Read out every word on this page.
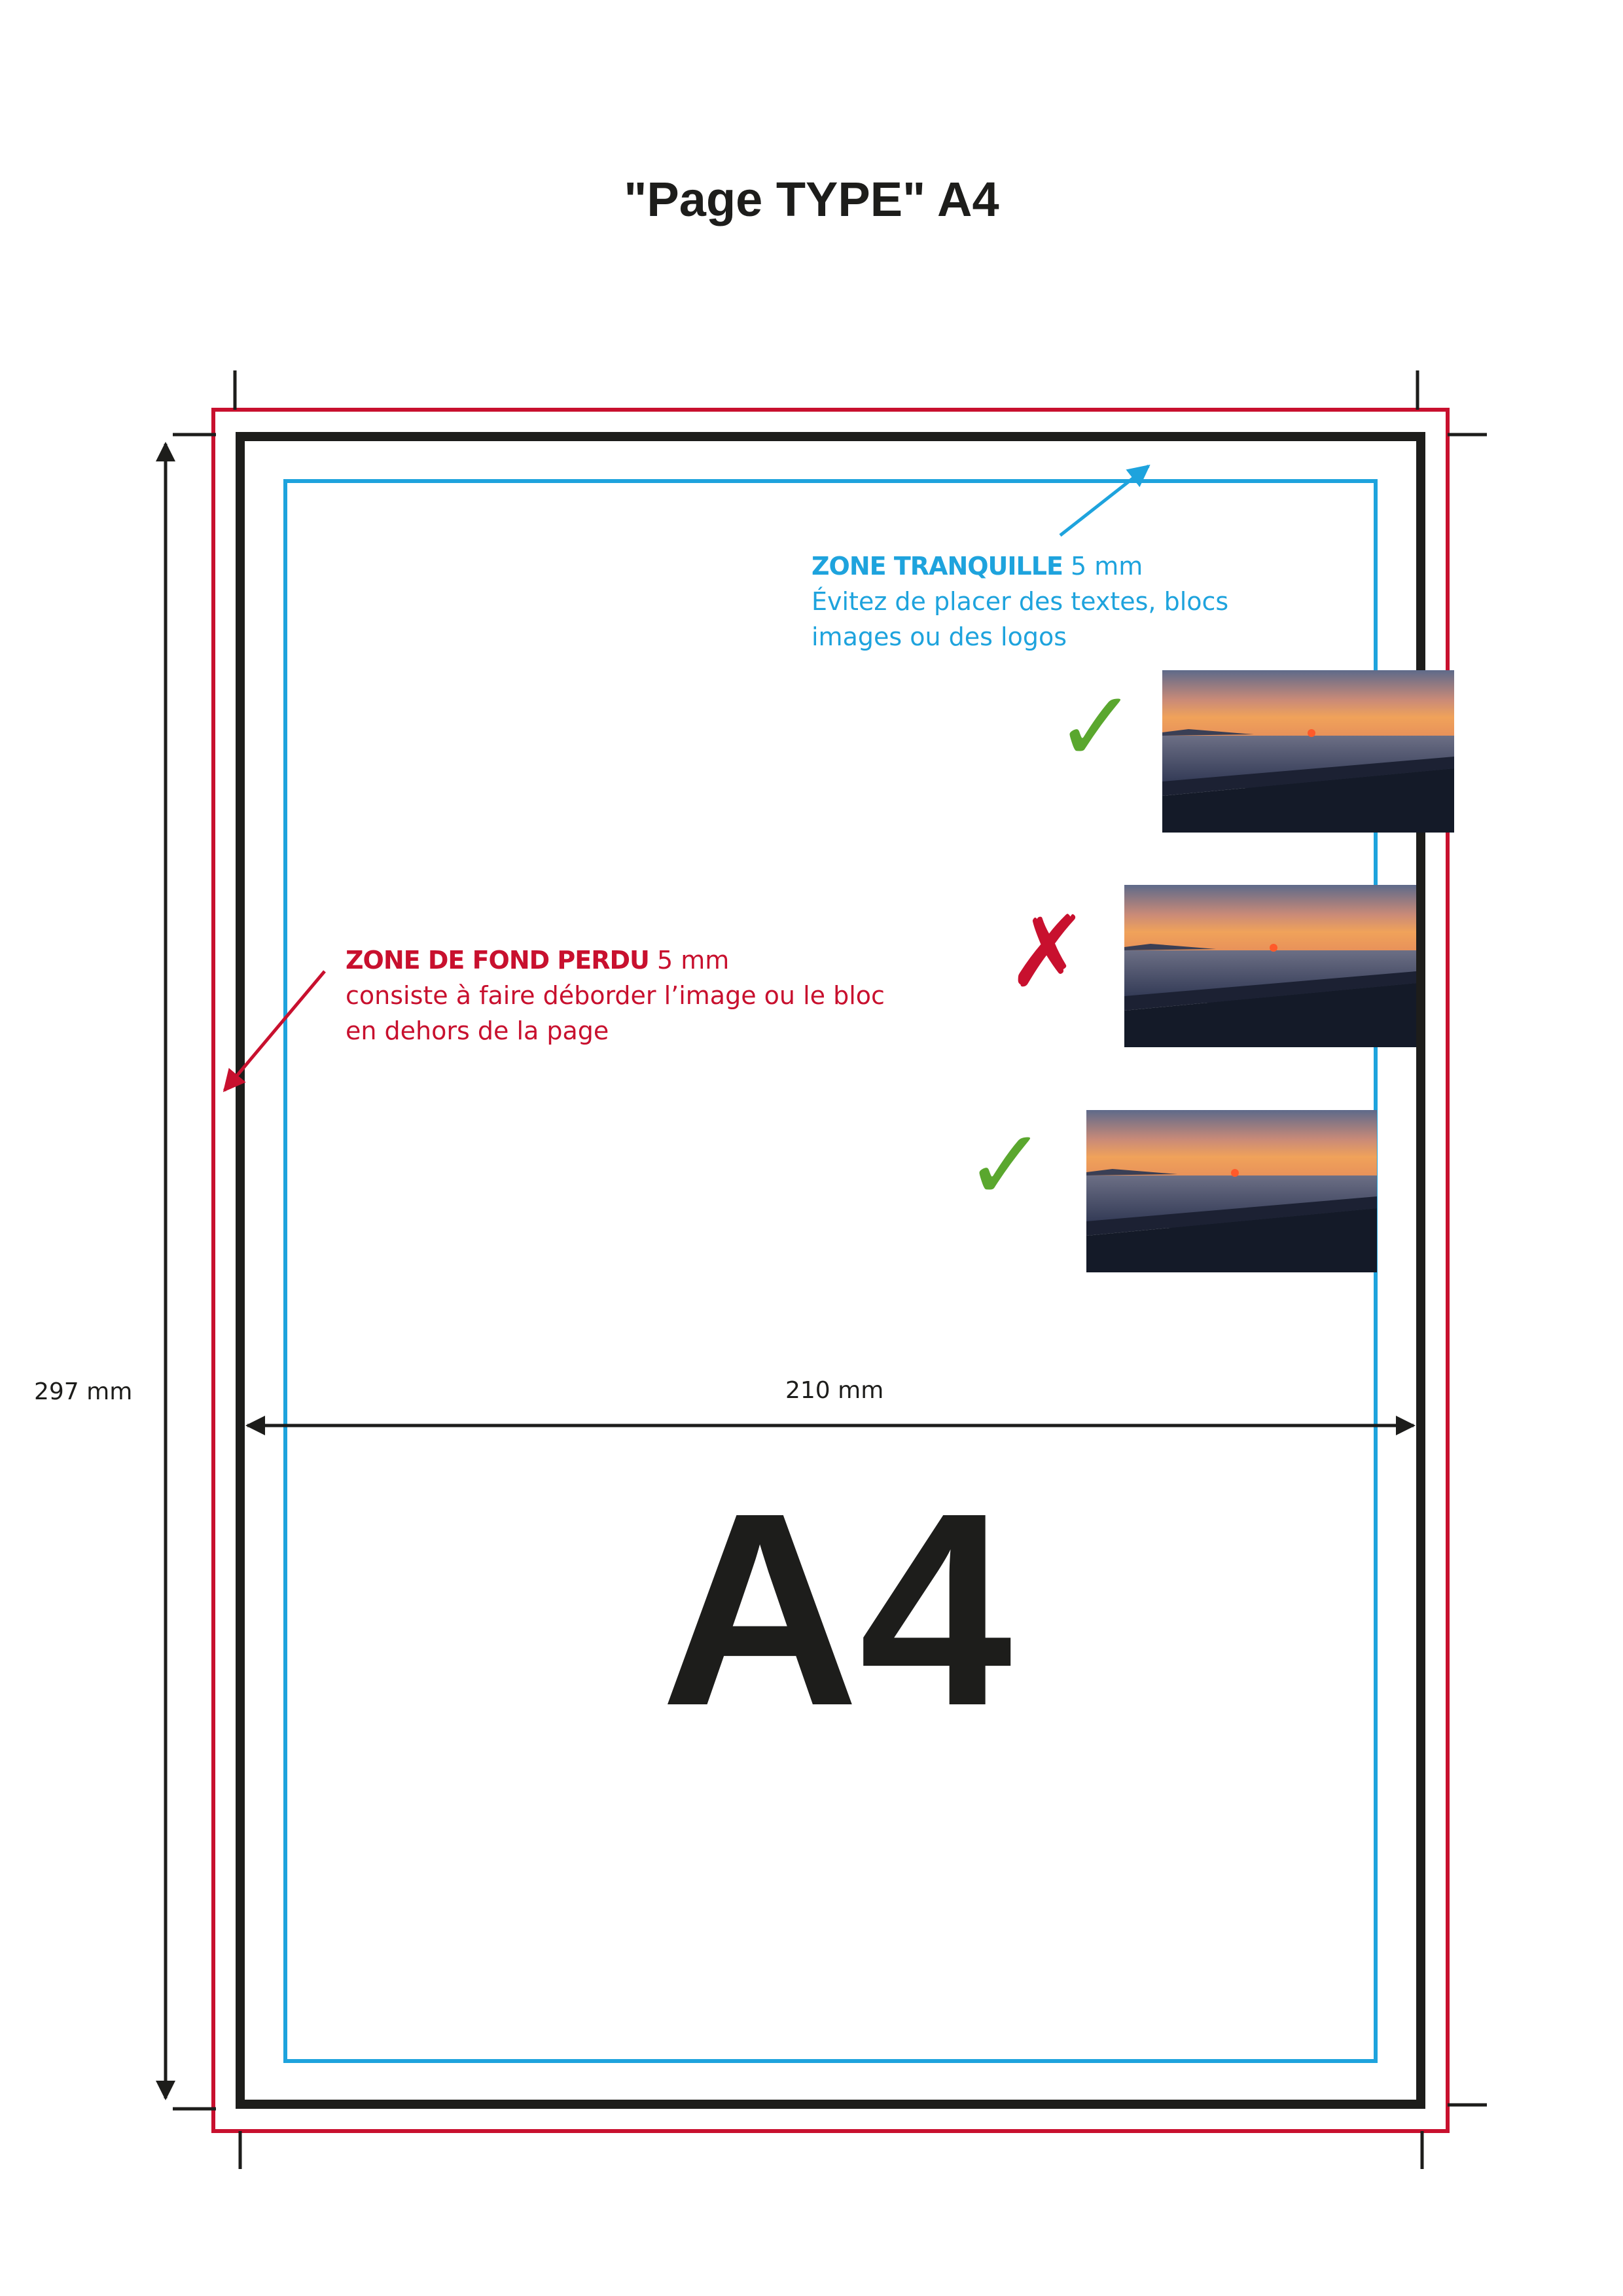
"Page TYPE" A4
ZONE TRANQUILLE 5 mm
Évitez de placer des textes, blocs
images ou des logos
ZONE DE FOND PERDU 5 mm
consiste à faire déborder l’image ou le bloc
en dehors de la page
297 mm	210 mm
A4
✓
✗
✓
